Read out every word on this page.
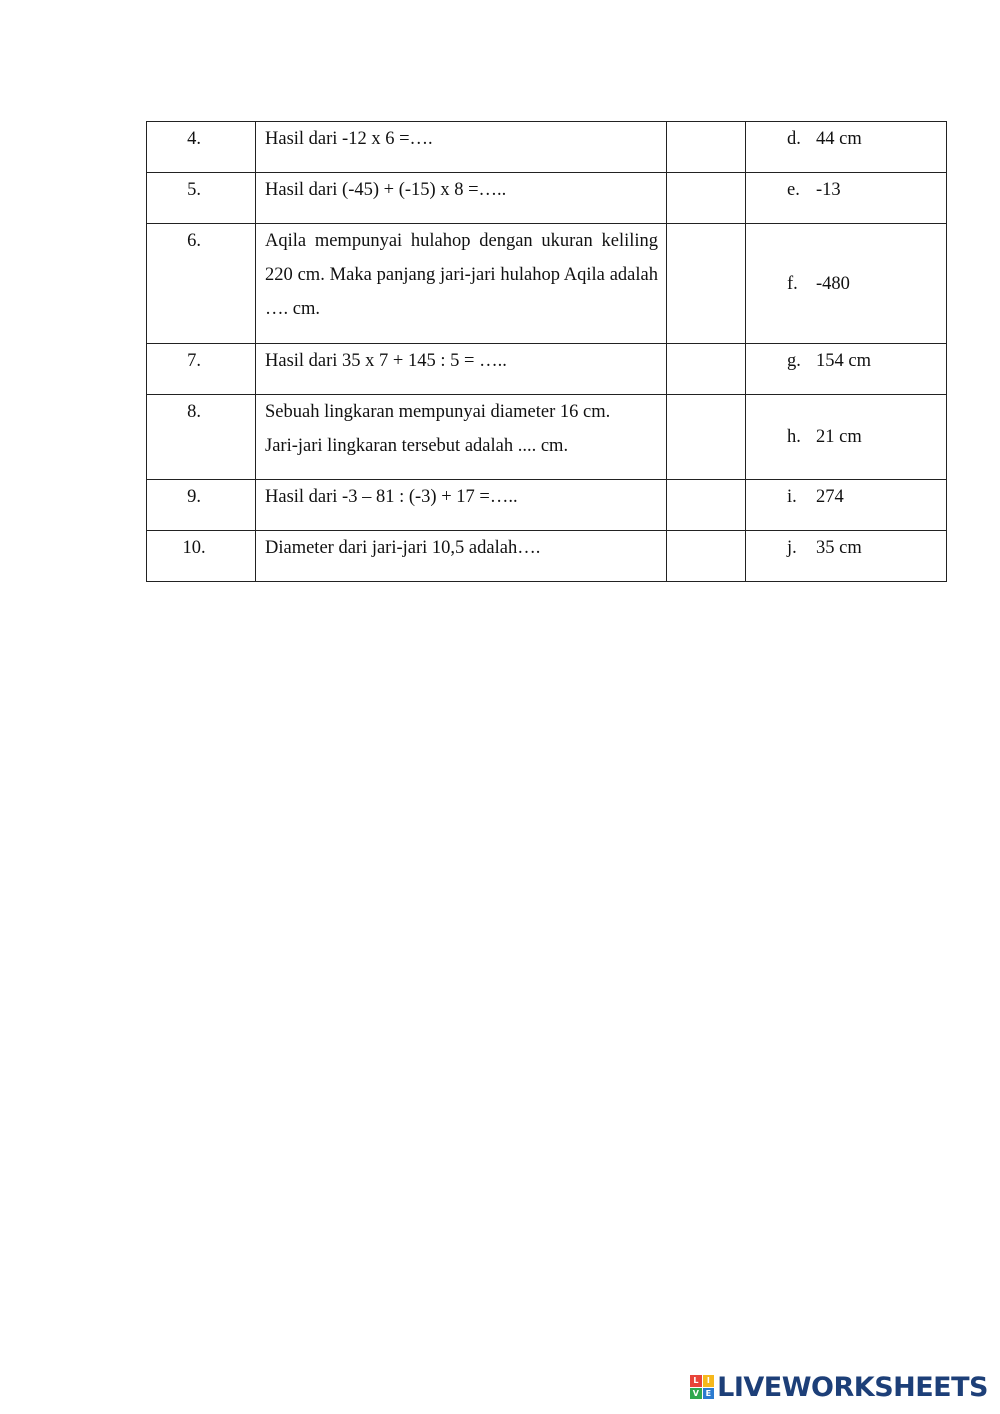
4.	Hasil dari -12 x 6 =….		d. 44 cm
5.	Hasil dari (-45) + (-15) x 8 =…..		e. -13
6.	Aqila mempunyai hulahop dengan ukuran keliling 220 cm. Maka panjang jari-jari hulahop Aqila adalah …. cm.		f. -480
7.	Hasil dari 35 x 7 + 145 : 5 = …..		g. 154 cm
8.	Sebuah lingkaran mempunyai diameter 16 cm.
Jari-jari lingkaran tersebut adalah .... cm.		h. 21 cm
9.	Hasil dari -3 – 81 : (-3) + 17 =…..		i. 274
10.	Diameter dari jari-jari 10,5 adalah….		j. 35 cm
L	I
V E LIVEWORKSHEETS
